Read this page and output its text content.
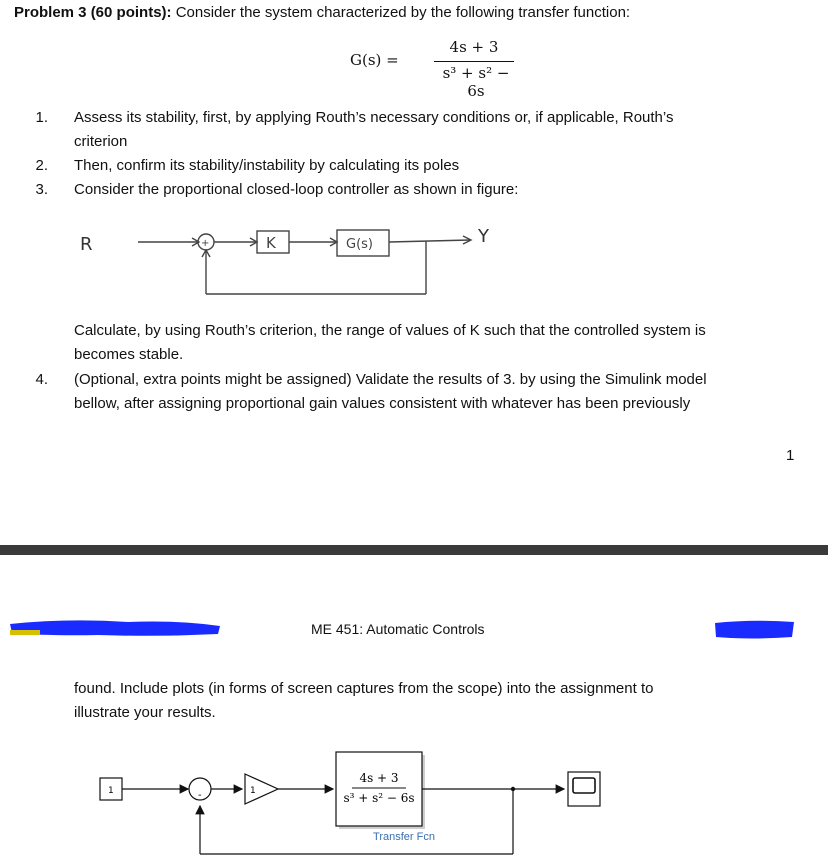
Problem 3 (60 points): Consider the system characterized by the following transfer function:
G(s) =
4s + 3
s³ + s² − 6s
1. Assess its stability, first, by applying Routh’s necessary conditions or, if applicable, Routh’s
criterion
2. Then, confirm its stability/instability by calculating its poles
3. Consider the proportional closed-loop controller as shown in figure:
R	+	K	G(s)	Y
Calculate, by using Routh’s criterion, the range of values of K such that the controlled system is
becomes stable.
4. (Optional, extra points might be assigned) Validate the results of 3. by using the Simulink model
bellow, after assigning proportional gain values consistent with whatever has been previously
1
ME 451: Automatic Controls
found. Include plots (in forms of screen captures from the scope) into the assignment to
illustrate your results.
1	-	1
4s + 3
s³ + s² − 6s
Transfer Fcn
